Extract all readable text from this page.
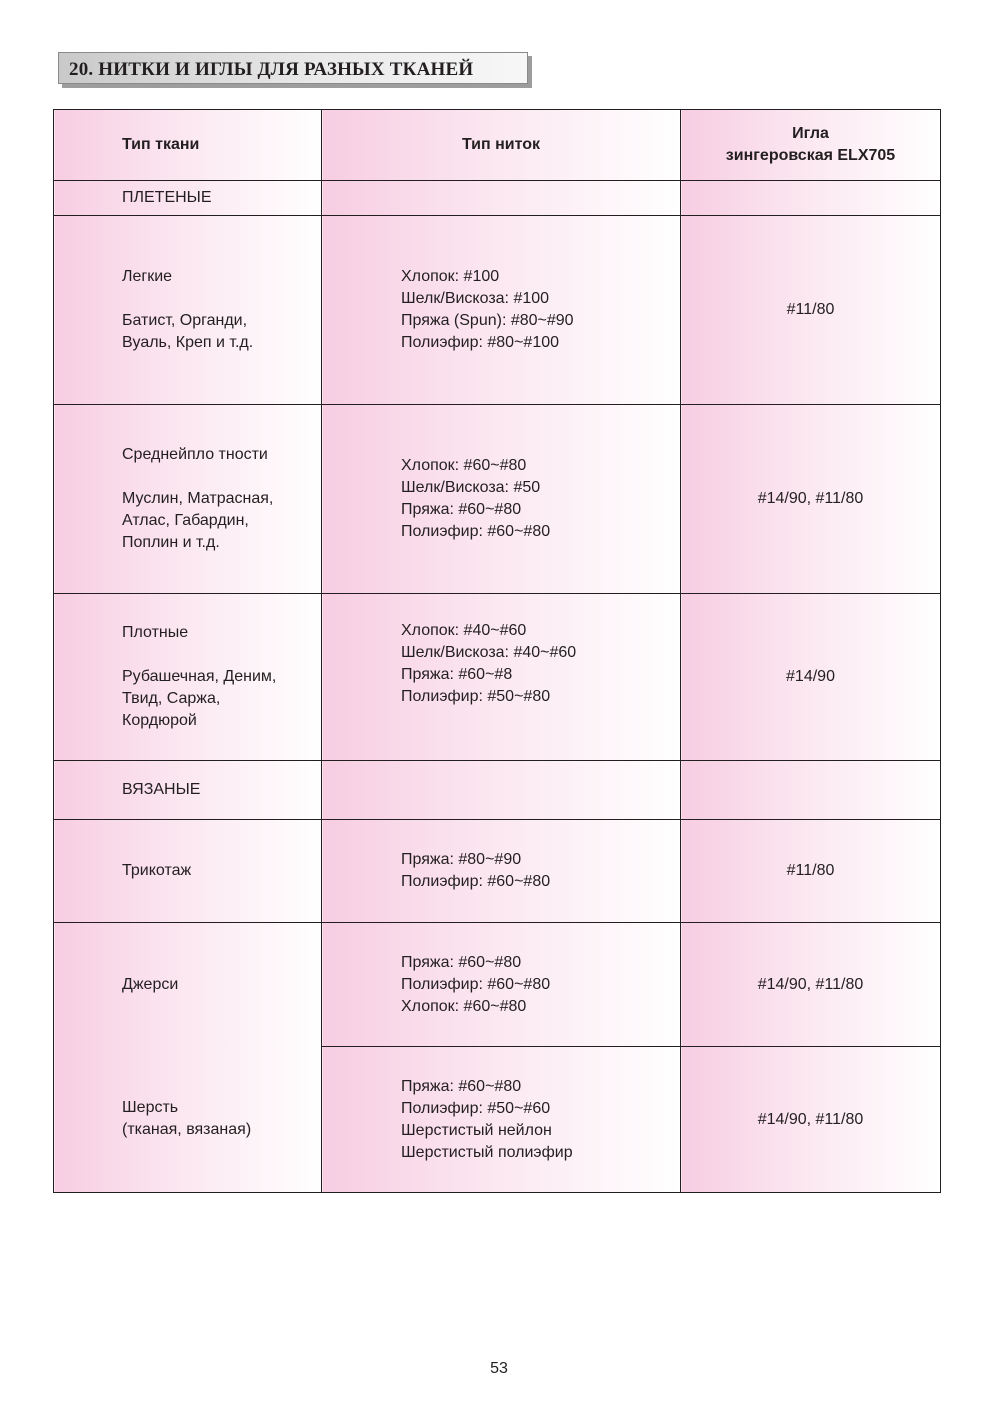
20. НИТКИ И ИГЛЫ ДЛЯ РАЗНЫХ ТКАНЕЙ
Тип ткани	Тип ниток	Игла
зингеровская ELX705

ПЛЕТЕНЫЕ		

Легкие
Батист, Органди,
Вуаль, Креп и т.д.	Хлопок: #100
Шелк/Вискоза: #100
Пряжа (Spun): #80~#90
Полиэфир: #80~#100	#11/80

Среднейпло тности
Муслин, Матрасная,
Атлас, Габардин,
Поплин и т.д.	Хлопок: #60~#80
Шелк/Вискоза: #50
Пряжа: #60~#80
Полиэфир: #60~#80	#14/90, #11/80

Плотные
Рубашечная, Деним,
Твид, Саржа,
Кордюрой	Хлопок: #40~#60
Шелк/Вискоза: #40~#60
Пряжа: #60~#8
Полиэфир: #50~#80	#14/90
ВЯЗАНЫЕ		
Трикотаж	Пряжа: #80~#90
Полиэфир: #60~#80	#11/80
Джерси	Пряжа: #60~#80
Полиэфир: #60~#80
Хлопок: #60~#80	#14/90, #11/80

Шерсть
(тканая, вязаная)	Пряжа: #60~#80
Полиэфир: #50~#60
Шерстистый нейлон
Шерстистый полиэфир	#14/90, #11/80
53
